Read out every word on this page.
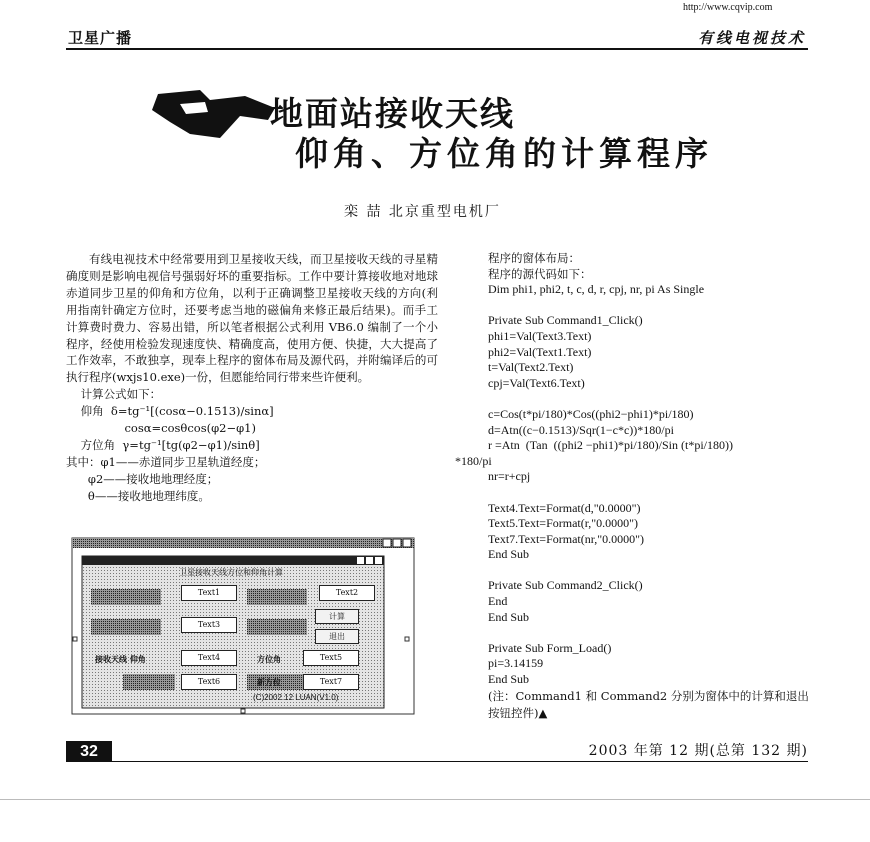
http://www.cqvip.com
卫星广播	有线电视技术
地面站接收天线
仰角、方位角的计算程序
栾 喆 北京重型电机厂

有线电视技术中经常要用到卫星接收天线，而卫星接收天线的寻星精确度则是影响电视信号强弱好坏的重要指标。工作中要计算接收地对地球赤道同步卫星的仰角和方位角，以利于正确调整卫星接收天线的方向(利用指南针确定方位时，还要考虑当地的磁偏角来修正最后结果)。而手工计算费时费力、容易出错，所以笔者根据公式利用 VB6.0 编制了一个小程序，经使用检验发现速度快、精确度高，使用方便、快捷，大大提高了工作效率，不敢独享，现奉上程序的窗体布局及源代码，并附编译后的可执行程序(wxjs10.exe)一份，但愿能给同行带来些许便利。

计算公式如下：
仰角  δ=tg⁻¹[(cosα−0.1513)/sinα]
cosα=cosθcos(φ2−φ1)
方位角  γ=tg⁻¹[tg(φ2−φ1)/sinθ]
其中：φ1——赤道同步卫星轨道经度；
φ2——接收地地理经度；
θ——接收地地理纬度。
卫星接收天线方位和仰角计算
Text1	Text2
Text3
计算
退出
接收天线 仰角	Text4	方位角	Text5
Text6	新方位	Text7
(C)2002.12 LUAN(V1.0)
程序的窗体布局：
程序的源代码如下：
Dim phi1, phi2, t, c, d, r, cpj, nr, pi As Single
Private Sub Command1_Click()
phi1=Val(Text3.Text)
phi2=Val(Text1.Text)
t=Val(Text2.Text)
cpj=Val(Text6.Text)
c=Cos(t*pi/180)*Cos((phi2−phi1)*pi/180)
d=Atn((c−0.1513)/Sqr(1−c*c))*180/pi
r =Atn  (Tan  ((phi2 −phi1)*pi/180)/Sin (t*pi/180))
*180/pi
nr=r+cpj
Text4.Text=Format(d,"0.0000")
Text5.Text=Format(r,"0.0000")
Text7.Text=Format(nr,"0.0000")
End Sub
Private Sub Command2_Click()
End
End Sub
Private Sub Form_Load()
pi=3.14159
End Sub
(注：Command1 和 Command2 分别为窗体中的计算和退出按钮控件)▲
32	2003 年第 12 期(总第 132 期)
